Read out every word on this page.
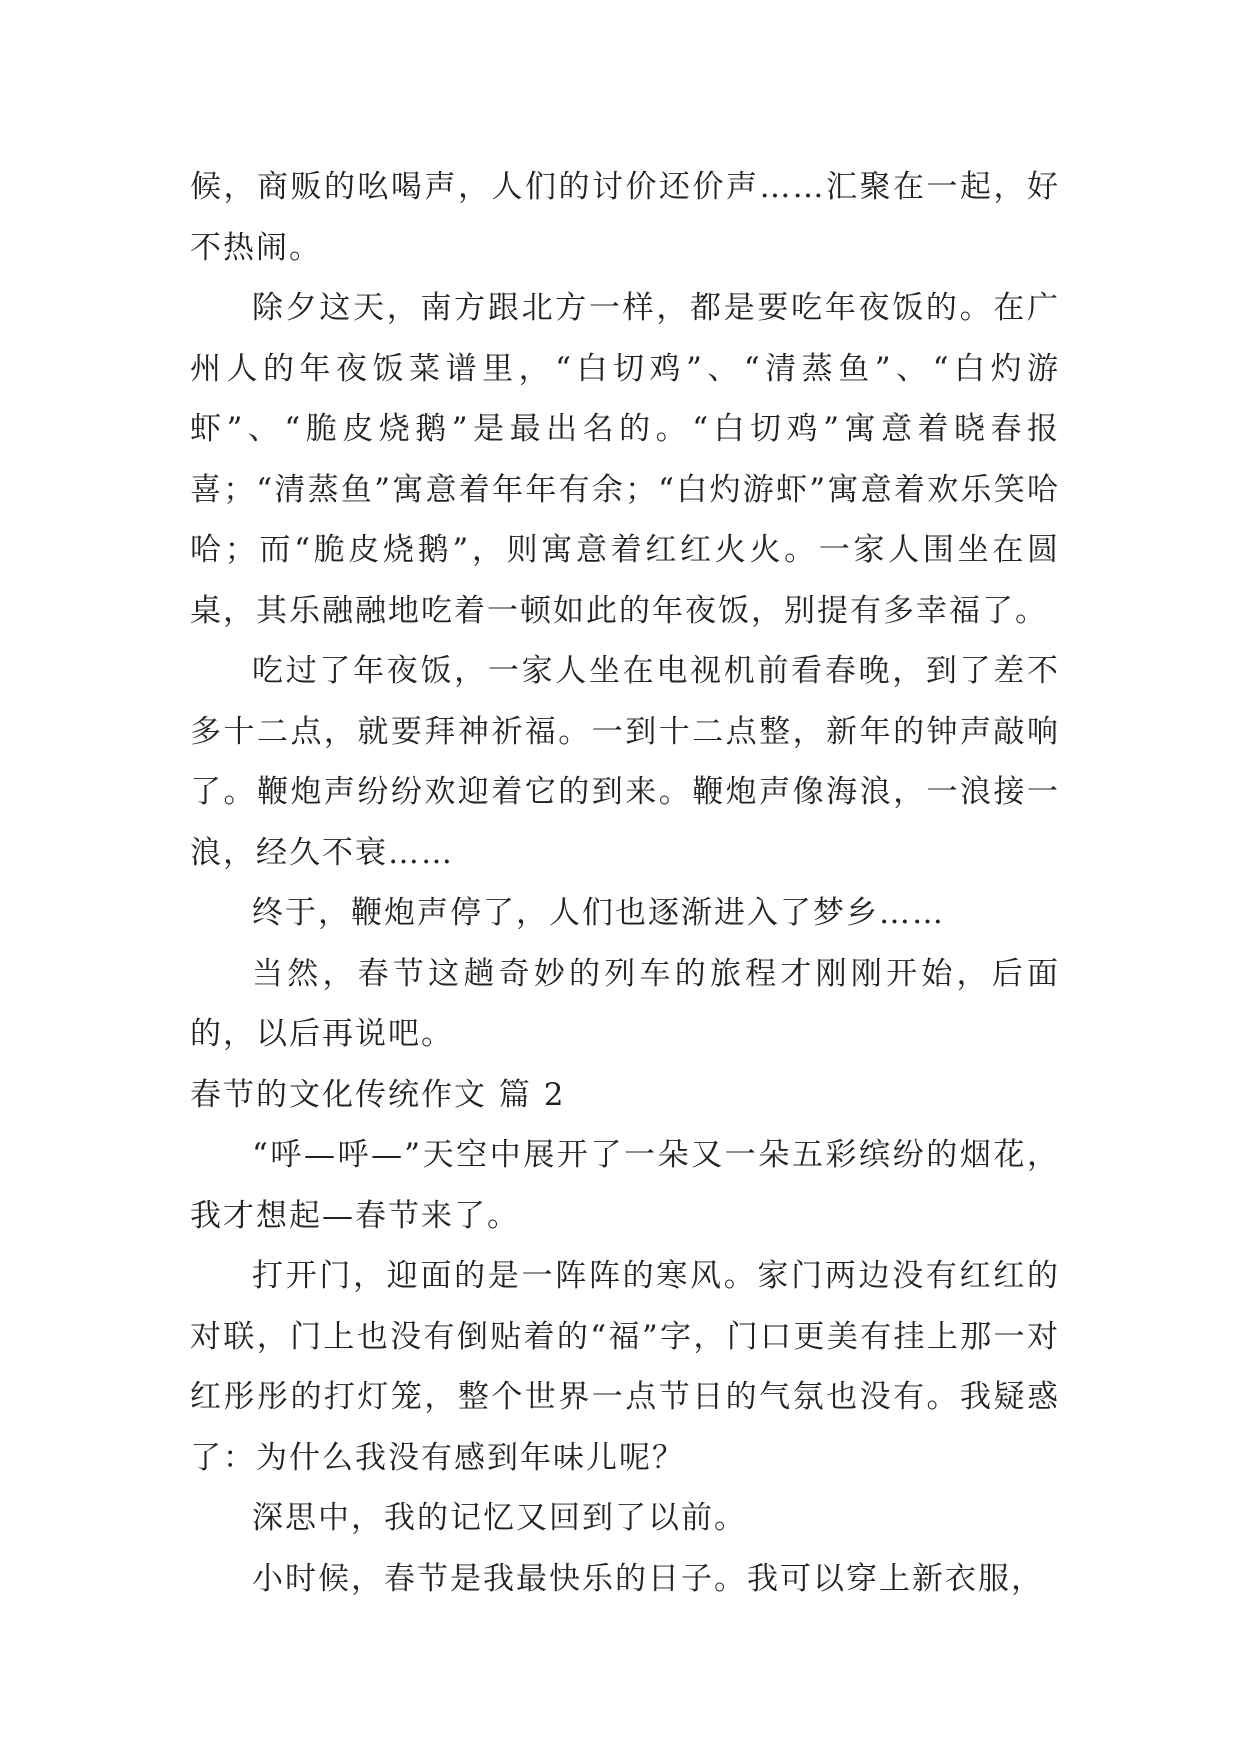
候，商贩的吆喝声，人们的讨价还价声……汇聚在一起，好不热闹。

除夕这天，南方跟北方一样，都是要吃年夜饭的。在广州人的年夜饭菜谱里，“白切鸡”、“清蒸鱼”、“白灼游虾”、“脆皮烧鹅”是最出名的。“白切鸡”寓意着晓春报喜；“清蒸鱼”寓意着年年有余；“白灼游虾”寓意着欢乐笑哈哈；而“脆皮烧鹅”，则寓意着红红火火。一家人围坐在圆桌，其乐融融地吃着一顿如此的年夜饭，别提有多幸福了。

吃过了年夜饭，一家人坐在电视机前看春晚，到了差不多十二点，就要拜神祈福。一到十二点整，新年的钟声敲响了。鞭炮声纷纷欢迎着它的到来。鞭炮声像海浪，一浪接一浪，经久不衰……

终于，鞭炮声停了，人们也逐渐进入了梦乡……

当然，春节这趟奇妙的列车的旅程才刚刚开始，后面的，以后再说吧。

春节的文化传统作文 篇 2

“呼—呼—”天空中展开了一朵又一朵五彩缤纷的烟花，我才想起—春节来了。

打开门，迎面的是一阵阵的寒风。家门两边没有红红的对联，门上也没有倒贴着的“福”字，门口更美有挂上那一对红彤彤的打灯笼，整个世界一点节日的气氛也没有。我疑惑了：为什么我没有感到年味儿呢？

深思中，我的记忆又回到了以前。

小时候，春节是我最快乐的日子。我可以穿上新衣服，
